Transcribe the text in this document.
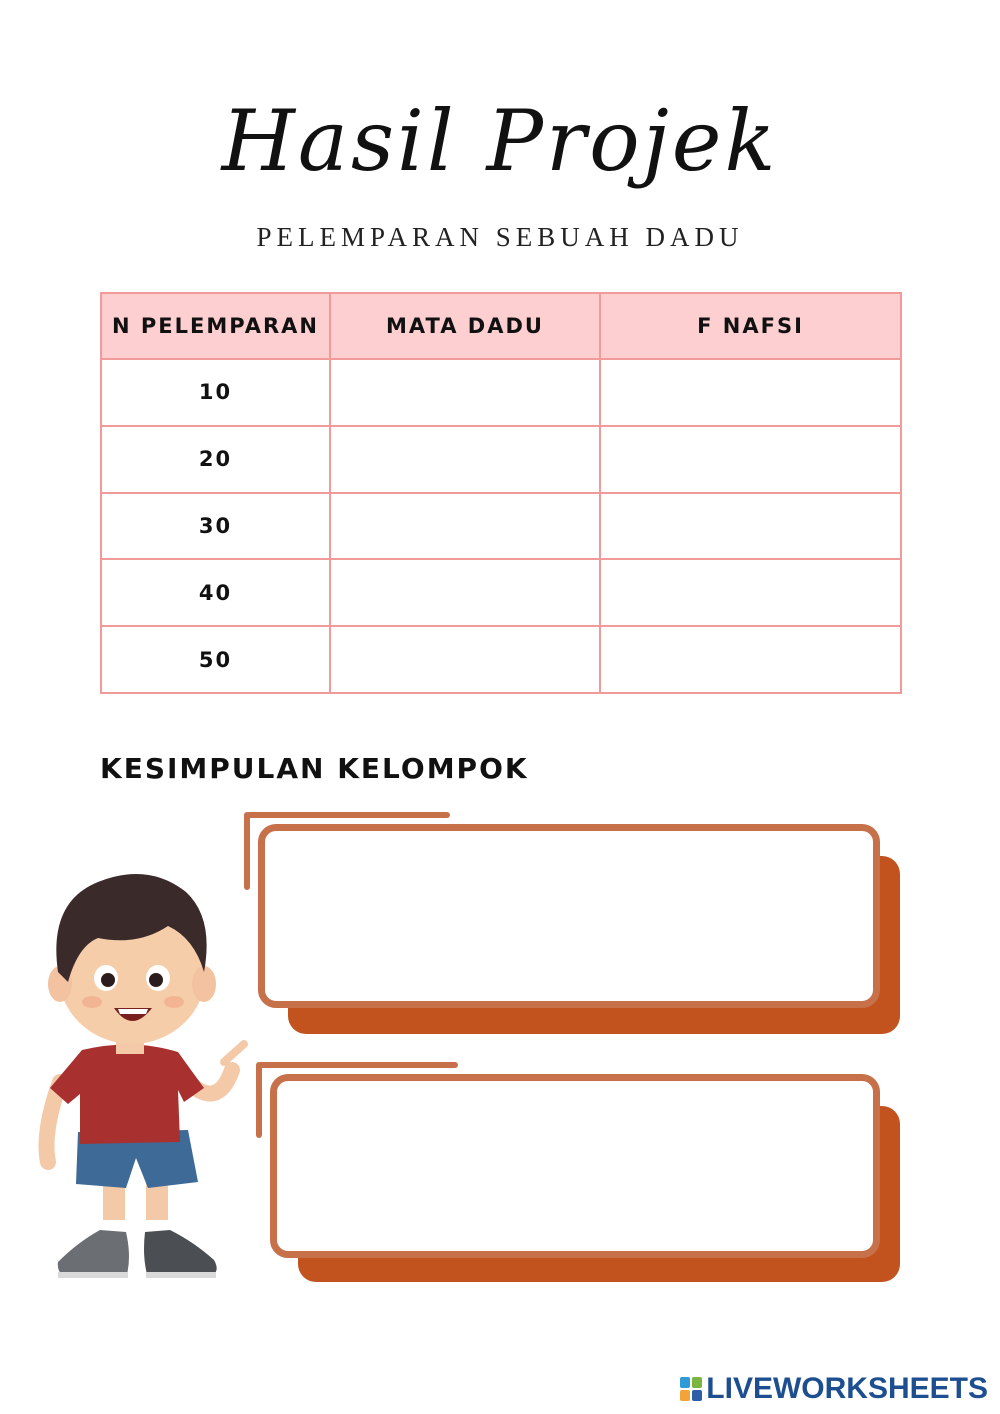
Hasil Projek
PELEMPARAN SEBUAH DADU
N PELEMPARAN	MATA DADU	F NAFSI
10		
20		
30		
40		
50		
KESIMPULAN KELOMPOK
LIVEWORKSHEETS
